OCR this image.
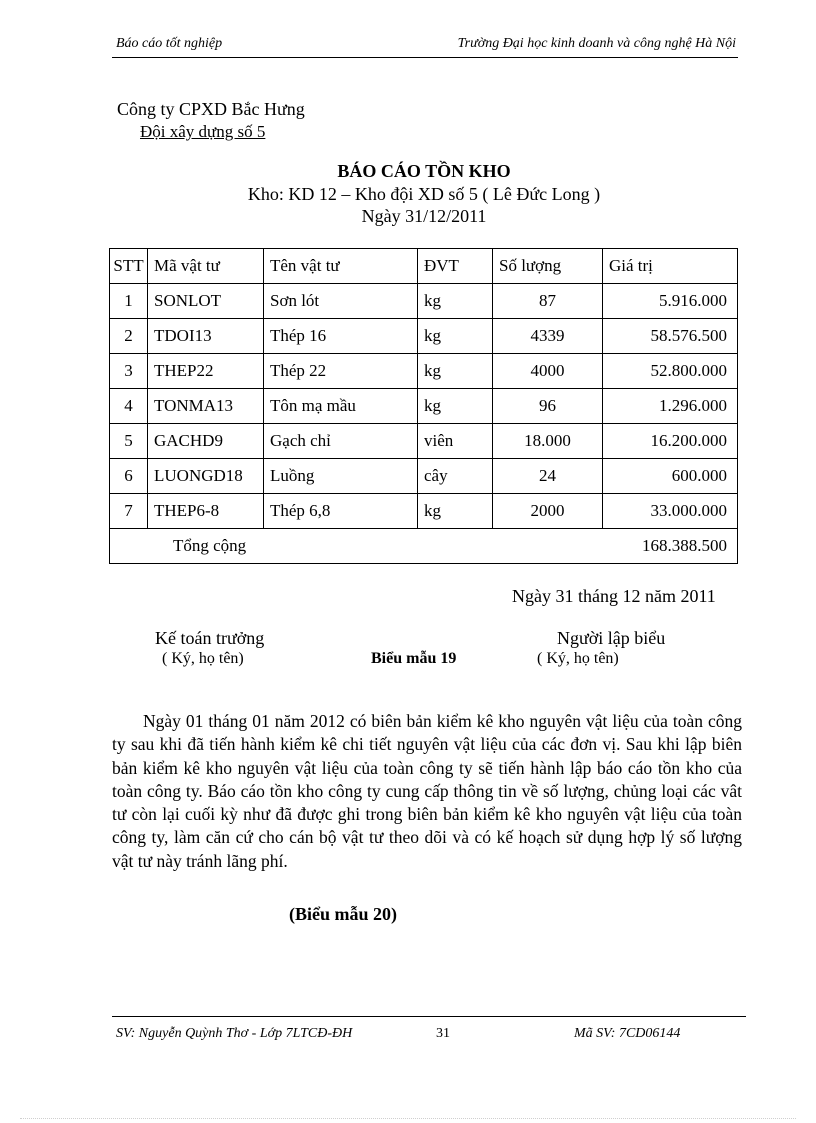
Báo cáo tốt nghiệp	Trường Đại học kinh doanh và công nghệ Hà Nội
Công ty CPXD Bắc Hưng
Đội xây dựng số 5
BÁO CÁO TỒN KHO
Kho: KD 12 – Kho đội XD số 5 ( Lê Đức Long )
Ngày 31/12/2011
STT	Mã vật tư	Tên vật tư	ĐVT	Số lượng	Giá trị
1	SONLOT	Sơn lót	kg	87	5.916.000
2	TDOI13	Thép 16	kg	4339	58.576.500
3	THEP22	Thép 22	kg	4000	52.800.000
4	TONMA13	Tôn mạ mầu	kg	96	1.296.000
5	GACHD9	Gạch chỉ	viên	18.000	16.200.000
6	LUONGD18	Luồng	cây	24	600.000
7	THEP6-8	Thép 6,8	kg	2000	33.000.000
Tổng cộng				168.388.500	
Ngày 31 tháng 12 năm 2011
Kế toán trưởng
( Ký, họ tên)	Biểu mẫu 19
Người lập biểu
( Ký, họ tên)
Ngày 01 tháng 01 năm 2012 có biên bản kiểm kê kho nguyên vật liệu của toàn công ty sau khi đã tiến hành kiểm kê chi tiết nguyên vật liệu của các đơn vị. Sau khi lập biên bản kiểm kê kho nguyên vật liệu của toàn công ty sẽ tiến hành lập báo cáo tồn kho của toàn công ty. Báo cáo tồn kho công ty cung cấp thông tin về số lượng, chủng loại các vât tư còn lại cuối kỳ như đã được ghi trong biên bản kiểm kê kho nguyên vật liệu của toàn công ty, làm căn cứ cho cán bộ vật tư theo dõi và có kế hoạch sử dụng hợp lý số lượng vật tư này tránh lãng phí.
(Biểu mẫu 20)
SV: Nguyễn Quỳnh Thơ - Lớp 7LTCĐ-ĐH	31	Mã SV: 7CD06144
